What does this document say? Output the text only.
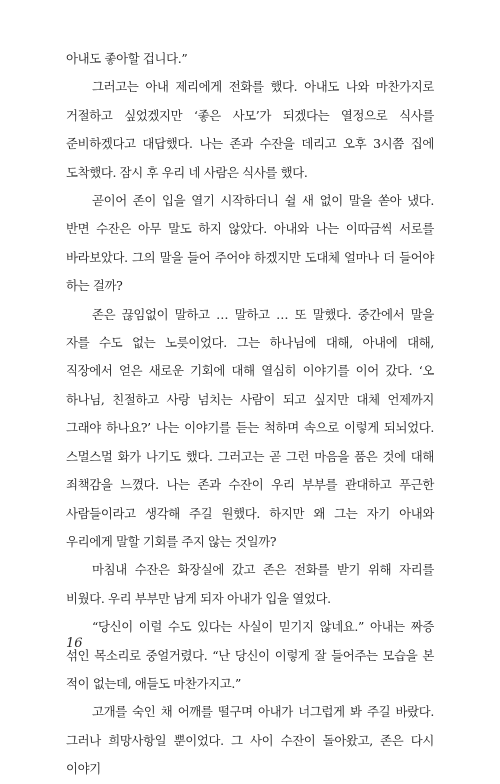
아내도 좋아할 겁니다.”

그러고는 아내 제리에게 전화를 했다. 아내도 나와 마찬가지로 거절하고 싶었겠지만 ‘좋은 사모’가 되겠다는 열정으로 식사를 준비하겠다고 대답했다. 나는 존과 수잔을 데리고 오후 3시쯤 집에 도착했다. 잠시 후 우리 네 사람은 식사를 했다.

곧이어 존이 입을 열기 시작하더니 쉴 새 없이 말을 쏟아 냈다. 반면 수잔은 아무 말도 하지 않았다. 아내와 나는 이따금씩 서로를 바라보았다. 그의 말을 들어 주어야 하겠지만 도대체 얼마나 더 들어야 하는 걸까?

존은 끊임없이 말하고 … 말하고 … 또 말했다. 중간에서 말을 자를 수도 없는 노릇이었다. 그는 하나님에 대해, 아내에 대해, 직장에서 얻은 새로운 기회에 대해 열심히 이야기를 이어 갔다. ‘오 하나님, 친절하고 사랑 넘치는 사람이 되고 싶지만 대체 언제까지 그래야 하나요?’ 나는 이야기를 듣는 척하며 속으로 이렇게 되뇌었다. 스멀스멀 화가 나기도 했다. 그러고는 곧 그런 마음을 품은 것에 대해 죄책감을 느꼈다. 나는 존과 수잔이 우리 부부를 관대하고 푸근한 사람들이라고 생각해 주길 원했다. 하지만 왜 그는 자기 아내와 우리에게 말할 기회를 주지 않는 것일까?

마침내 수잔은 화장실에 갔고 존은 전화를 받기 위해 자리를 비웠다. 우리 부부만 남게 되자 아내가 입을 열었다.

“당신이 이럴 수도 있다는 사실이 믿기지 않네요.” 아내는 짜증 섞인 목소리로 중얼거렸다. “난 당신이 이렇게 잘 들어주는 모습을 본 적이 없는데, 애들도 마찬가지고.”

고개를 숙인 채 어깨를 떨구며 아내가 너그럽게 봐 주길 바랐다. 그러나 희망사항일 뿐이었다. 그 사이 수잔이 돌아왔고, 존은 다시 이야기

16
